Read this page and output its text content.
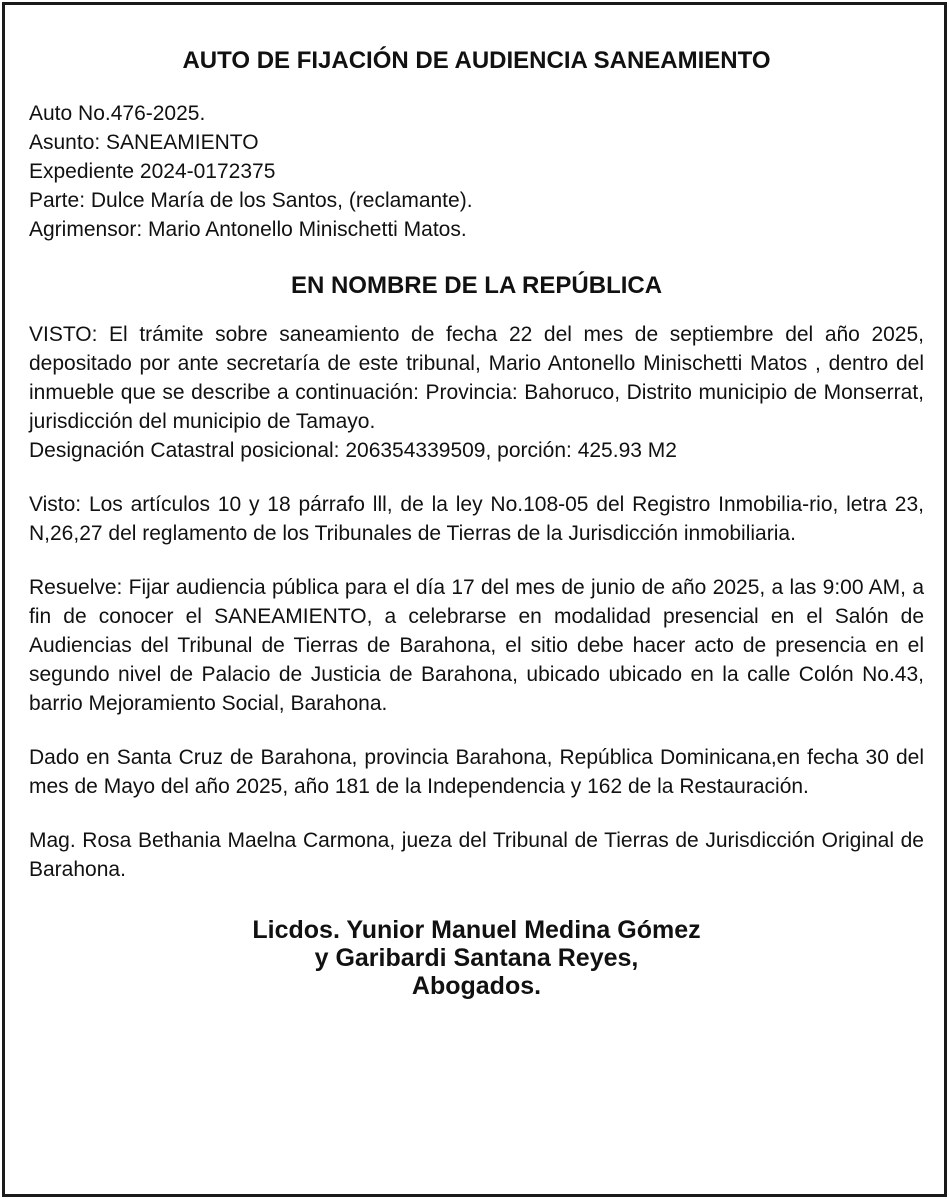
AUTO DE FIJACIÓN DE AUDIENCIA SANEAMIENTO
Auto No.476-2025.
Asunto: SANEAMIENTO
Expediente 2024-0172375
Parte: Dulce María de los Santos, (reclamante).
Agrimensor: Mario Antonello Minischetti Matos.
EN NOMBRE DE LA REPÚBLICA
VISTO: El trámite sobre saneamiento de fecha 22 del mes de septiembre del año 2025, depositado por ante secretaría de este tribunal, Mario Antonello Minischetti Matos , dentro del inmueble que se describe a continuación: Provincia: Bahoruco, Distrito municipio de Monserrat, jurisdicción del municipio de Tamayo.
Designación Catastral posicional: 206354339509, porción: 425.93 M2

Visto: Los artículos 10 y 18 párrafo lll, de la ley No.108-05 del Registro Inmobilia-rio, letra 23, N,26,27 del reglamento de los Tribunales de Tierras de la Jurisdicción inmobiliaria.

Resuelve: Fijar audiencia pública para el día 17 del mes de junio de año 2025, a las 9:00 AM, a fin de conocer el SANEAMIENTO, a celebrarse en modalidad presencial en el Salón de Audiencias del Tribunal de Tierras de Barahona, el sitio debe hacer acto de presencia en el segundo nivel de Palacio de Justicia de Barahona, ubicado ubicado en la calle Colón No.43, barrio Mejoramiento Social, Barahona.

Dado en Santa Cruz de Barahona, provincia Barahona, República Dominicana,en fecha 30 del mes de Mayo del año 2025, año 181 de la Independencia y 162 de la Restauración.

Mag. Rosa Bethania Maelna Carmona, jueza del Tribunal de Tierras de Jurisdicción Original de Barahona.

Licdos. Yunior Manuel Medina Gómez
y Garibardi Santana Reyes,
Abogados.
